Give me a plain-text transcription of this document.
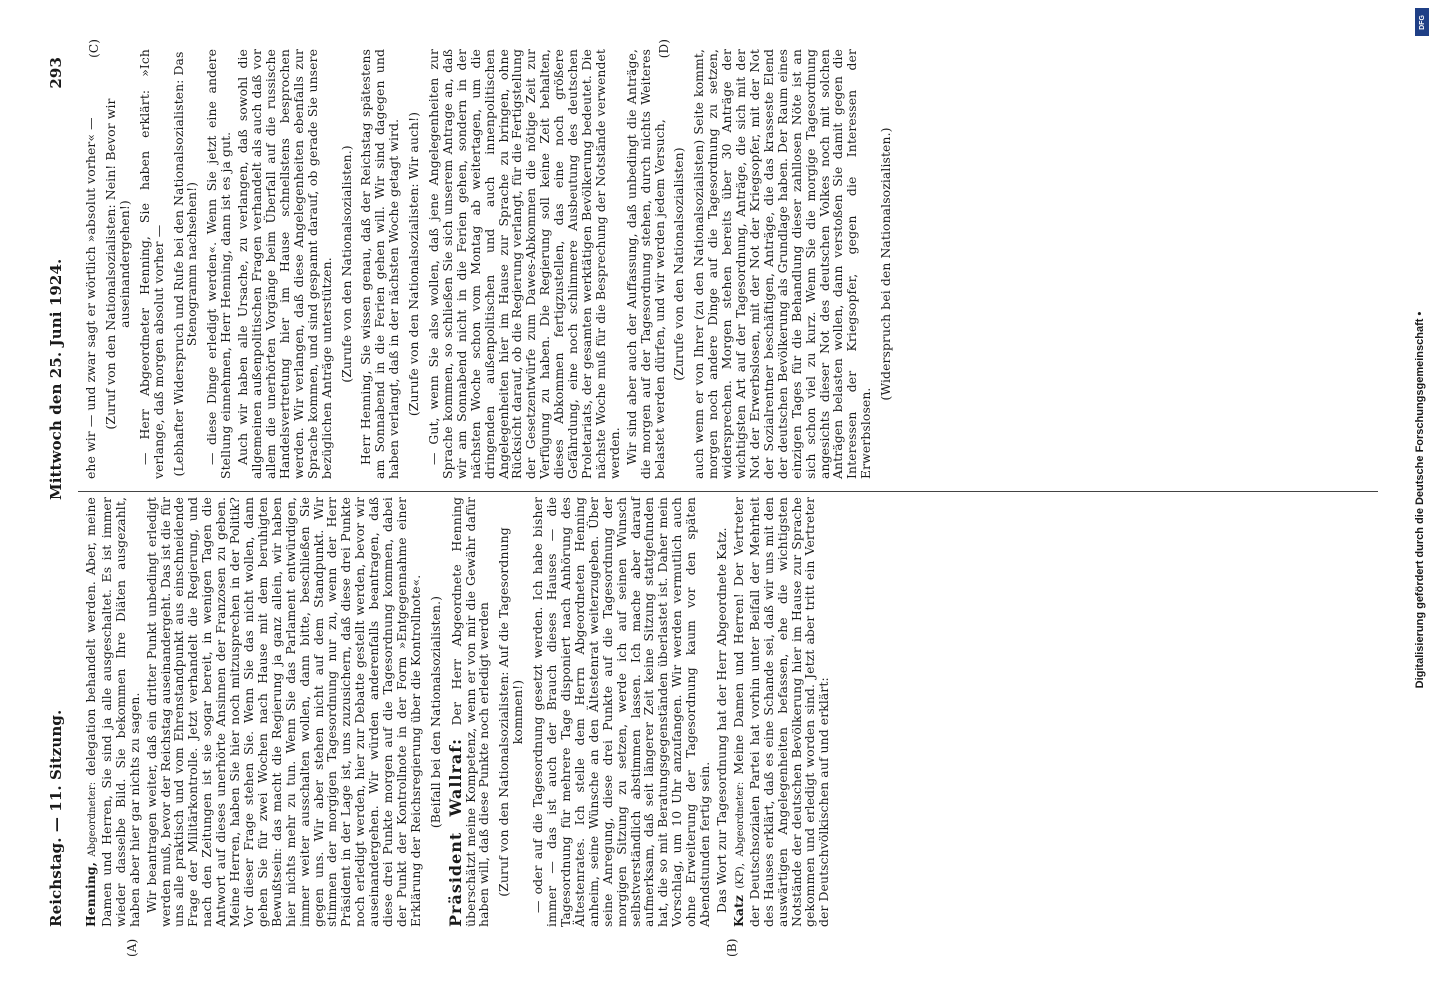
Reichstag. — 11. Sitzung.
Mittwoch den 25. Juni 1924.
293
(A)	(B)

Henning, Abgeordneter: delegation behandelt werden. Aber, meine Damen und Herren, Sie sind ja alle ausgeschaltet. Es ist immer wieder dasselbe Bild. Sie bekommen Ihre Diäten ausgezahlt, haben aber hier gar nichts zu sagen. Wir beantragen weiter, daß ein dritter Punkt unbedingt erledigt werden muß, bevor der Reichstag auseinandergeht. Das ist die für uns alle praktisch und vom Ehrenstandpunkt aus einschneidende Frage der Militärkontrolle. Jetzt verhandelt die Regierung, und nach den Zeitungen ist sie sogar bereit, in wenigen Tagen die Antwort auf dieses unerhörte Ansinnen der Franzosen zu geben. Meine Herren, haben Sie hier noch mitzusprechen in der Politik? Vor dieser Frage stehen Sie. Wenn Sie das nicht wollen, dann gehen Sie für zwei Wochen nach Hause mit dem beruhigten Bewußtsein: das macht die Regierung ja ganz allein, wir haben hier nichts mehr zu tun. Wenn Sie das Parlament entwürdigen, immer weiter ausschalten wollen, dann bitte, beschließen Sie gegen uns. Wir aber stehen nicht auf dem Standpunkt. Wir stimmen der morgigen Tagesordnung nur zu, wenn der Herr Präsident in der Lage ist, uns zuzusichern, daß diese drei Punkte noch erledigt werden, hier zur Debatte gestellt werden, bevor wir auseinandergehen. Wir würden anderenfalls beantragen, daß diese drei Punkte morgen auf die Tagesordnung kommen, dabei der Punkt der Kontrollnote in der Form »Entgegennahme einer Erklärung der Reichsregierung über die Kontrollnote«. (Beifall bei den Nationalsozialisten.)

Präsident Wallraf: Der Herr Abgeordnete Henning überschätzt meine Kompetenz, wenn er von mir die Gewähr dafür haben will, daß diese Punkte noch erledigt werden (Zuruf von den Nationalsozialisten: Auf die Tagesordnung kommen!) — oder auf die Tagesordnung gesetzt werden. Ich habe bisher immer — das ist auch der Brauch dieses Hauses — die Tagesordnung für mehrere Tage disponiert nach Anhörung des Ältestenrates. Ich stelle dem Herrn Abgeordneten Henning anheim, seine Wünsche an den Ältestenrat weiterzugeben. Über seine Anregung, diese drei Punkte auf die Tagesordnung der morgigen Sitzung zu setzen, werde ich auf seinen Wunsch selbstverständlich abstimmen lassen. Ich mache aber darauf aufmerksam, daß seit längerer Zeit keine Sitzung stattgefunden hat, die so mit Beratungsgegenständen überlastet ist. Daher mein Vorschlag, um 10 Uhr anzufangen. Wir werden vermutlich auch ohne Erweiterung der Tagesordnung kaum vor den späten Abendstunden fertig sein. Das Wort zur Tagesordnung hat der Herr Abgeordnete Katz. Katz (KP), Abgeordneter: Meine Damen und Herren! Der Vertreter der Deutschsozialen Partei hat vorhin unter Beifall der Mehrheit des Hauses erklärt, daß es eine Schande sei, daß wir uns mit den auswärtigen Angelegenheiten befassen, ehe die wichtigsten Notstände der deutschen Bevölkerung hier im Hause zur Sprache gekommen und erledigt worden sind. Jetzt aber tritt ein Vertreter der Deutschvölkischen auf und erklärt:

ehe wir — und zwar sagt er wörtlich »absolut vorher« — (Zuruf von den Nationalsozialisten: Nein! Bevor wir auseinandergehen!) — Herr Abgeordneter Henning, Sie haben erklärt: »Ich verlange, daß morgen absolut vorher — (Lebhafter Widerspruch und Rufe bei den Nationalsozialisten: Das Stenogramm nachsehen!) — diese Dinge erledigt werden«. Wenn Sie jetzt eine andere Stellung einnehmen, Herr Henning, dann ist es ja gut. Auch wir haben alle Ursache, zu verlangen, daß sowohl die allgemeinen außenpolitischen Fragen verhandelt als auch daß vor allem die unerhörten Vorgänge beim Überfall auf die russische Handelsvertretung hier im Hause schnellstens besprochen werden. Wir verlangen, daß diese Angelegenheiten ebenfalls zur Sprache kommen, und sind gespannt darauf, ob gerade Sie unsere bezüglichen Anträge unterstützen. (Zurufe von den Nationalsozialisten.) Herr Henning, Sie wissen genau, daß der Reichstag spätestens am Sonnabend in die Ferien gehen will. Wir sind dagegen und haben verlangt, daß in der nächsten Woche getagt wird. (Zurufe von den Nationalsozialisten: Wir auch!) — Gut, wenn Sie also wollen, daß jene Angelegenheiten zur Sprache kommen, so schließen Sie sich unserem Antrage an, daß wir am Sonnabend nicht in die Ferien gehen, sondern in der nächsten Woche schon vom Montag ab weitertagen, um die dringenden außenpolitischen und auch innenpolitischen Angelegenheiten hier im Hause zur Sprache zu bringen, ohne Rücksicht darauf, ob die Regierung verlangt, für die Fertigstellung der Gesetzentwürfe zum Dawes-Abkommen die nötige Zeit zur Verfügung zu haben. Die Regierung soll keine Zeit behalten, dieses Abkommen fertigzustellen, das eine noch größere Gefährdung, eine noch schlimmere Ausbeutung des deutschen Proletariats, der gesamten werktätigen Bevölkerung bedeutet. Die nächste Woche muß für die Besprechung der Notstände verwendet werden. Wir sind aber auch der Auffassung, daß unbedingt die Anträge, die morgen auf der Tagesordnung stehen, durch nichts Weiteres belastet werden dürfen, und wir werden jedem Versuch, (Zurufe von den Nationalsozialisten) auch wenn er von Ihrer (zu den Nationalsozialisten) Seite kommt, morgen noch andere Dinge auf die Tagesordnung zu setzen, widersprechen. Morgen stehen bereits über 30 Anträge der wichtigsten Art auf der Tagesordnung, Anträge, die sich mit der Not der Erwerbslosen, mit der Not der Kriegsopfer, mit der Not der Sozialrentner beschäftigen, Anträge, die das krasseste Elend der deutschen Bevölkerung als Grundlage haben. Der Raum eines einzigen Tages für die Behandlung dieser zahllosen Nöte ist an sich schon viel zu kurz. Wenn Sie die morgige Tagesordnung angesichts dieser Not des deutschen Volkes noch mit solchen Anträgen belasten wollen, dann verstoßen Sie damit gegen die Interessen der Kriegsopfer, gegen die Interessen der Erwerbslosen.

(Widerspruch bei den Nationalsozialisten.)

(C)	(D)
Digitalisierung gefördert durch die Deutsche Forschungsgemeinschaft •
DFG
